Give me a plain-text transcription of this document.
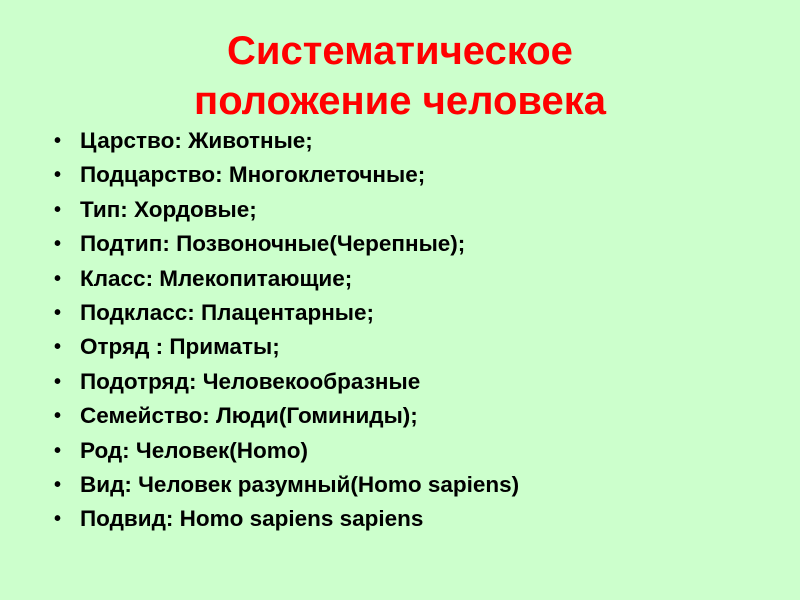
Систематическое
положение человека
• Царство: Животные;
• Подцарство: Многоклеточные;
• Тип: Хордовые;
• Подтип: Позвоночные(Черепные);
• Класс: Млекопитающие;
• Подкласс: Плацентарные;
• Отряд : Приматы;
• Подотряд: Человекообразные
• Семейство: Люди(Гоминиды);
• Род: Человек(Homo)
• Вид: Человек разумный(Homo sapiens)
• Подвид: Homo sapiens sapiens
